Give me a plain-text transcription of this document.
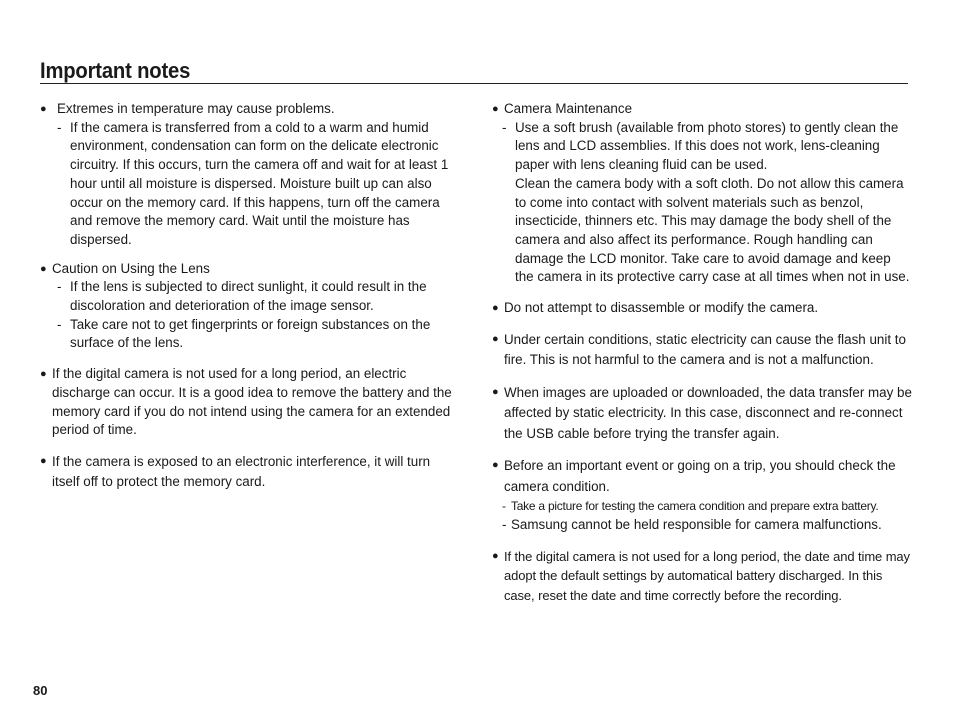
Important notes
● Extremes in temperature may cause problems.
- If the camera is transferred from a cold to a warm and humid environment, condensation can form on the delicate electronic circuitry. If this occurs, turn the camera off and wait for at least 1 hour until all moisture is dispersed. Moisture built up can also occur on the memory card. If this happens, turn off the camera and remove the memory card. Wait until the moisture has dispersed.
● Caution on Using the Lens
- If the lens is subjected to direct sunlight, it could result in the discoloration and deterioration of the image sensor.
- Take care not to get fingerprints or foreign substances on the surface of the lens.
● If the digital camera is not used for a long period, an electric discharge can occur. It is a good idea to remove the battery and the memory card if you do not intend using the camera for an extended period of time.
● If the camera is exposed to an electronic interference, it will turn itself off to protect the memory card.
● Camera Maintenance
- Use a soft brush (available from photo stores) to gently clean the lens and LCD assemblies. If this does not work, lens-cleaning paper with lens cleaning fluid can be used.
Clean the camera body with a soft cloth. Do not allow this camera to come into contact with solvent materials such as benzol, insecticide, thinners etc. This may damage the body shell of the camera and also affect its performance. Rough handling can damage the LCD monitor. Take care to avoid damage and keep the camera in its protective carry case at all times when not in use.
● Do not attempt to disassemble or modify the camera.
● Under certain conditions, static electricity can cause the flash unit to fire. This is not harmful to the camera and is not a malfunction.
● When images are uploaded or downloaded, the data transfer may be affected by static electricity. In this case, disconnect and re-connect the USB cable before trying the transfer again.
● Before an important event or going on a trip, you should check the camera condition.
- Take a picture for testing the camera condition and prepare extra battery.
- Samsung cannot be held responsible for camera malfunctions.
● If the digital camera is not used for a long period, the date and time may adopt the default settings by automatical battery discharged. In this case, reset the date and time correctly before the recording.
80
